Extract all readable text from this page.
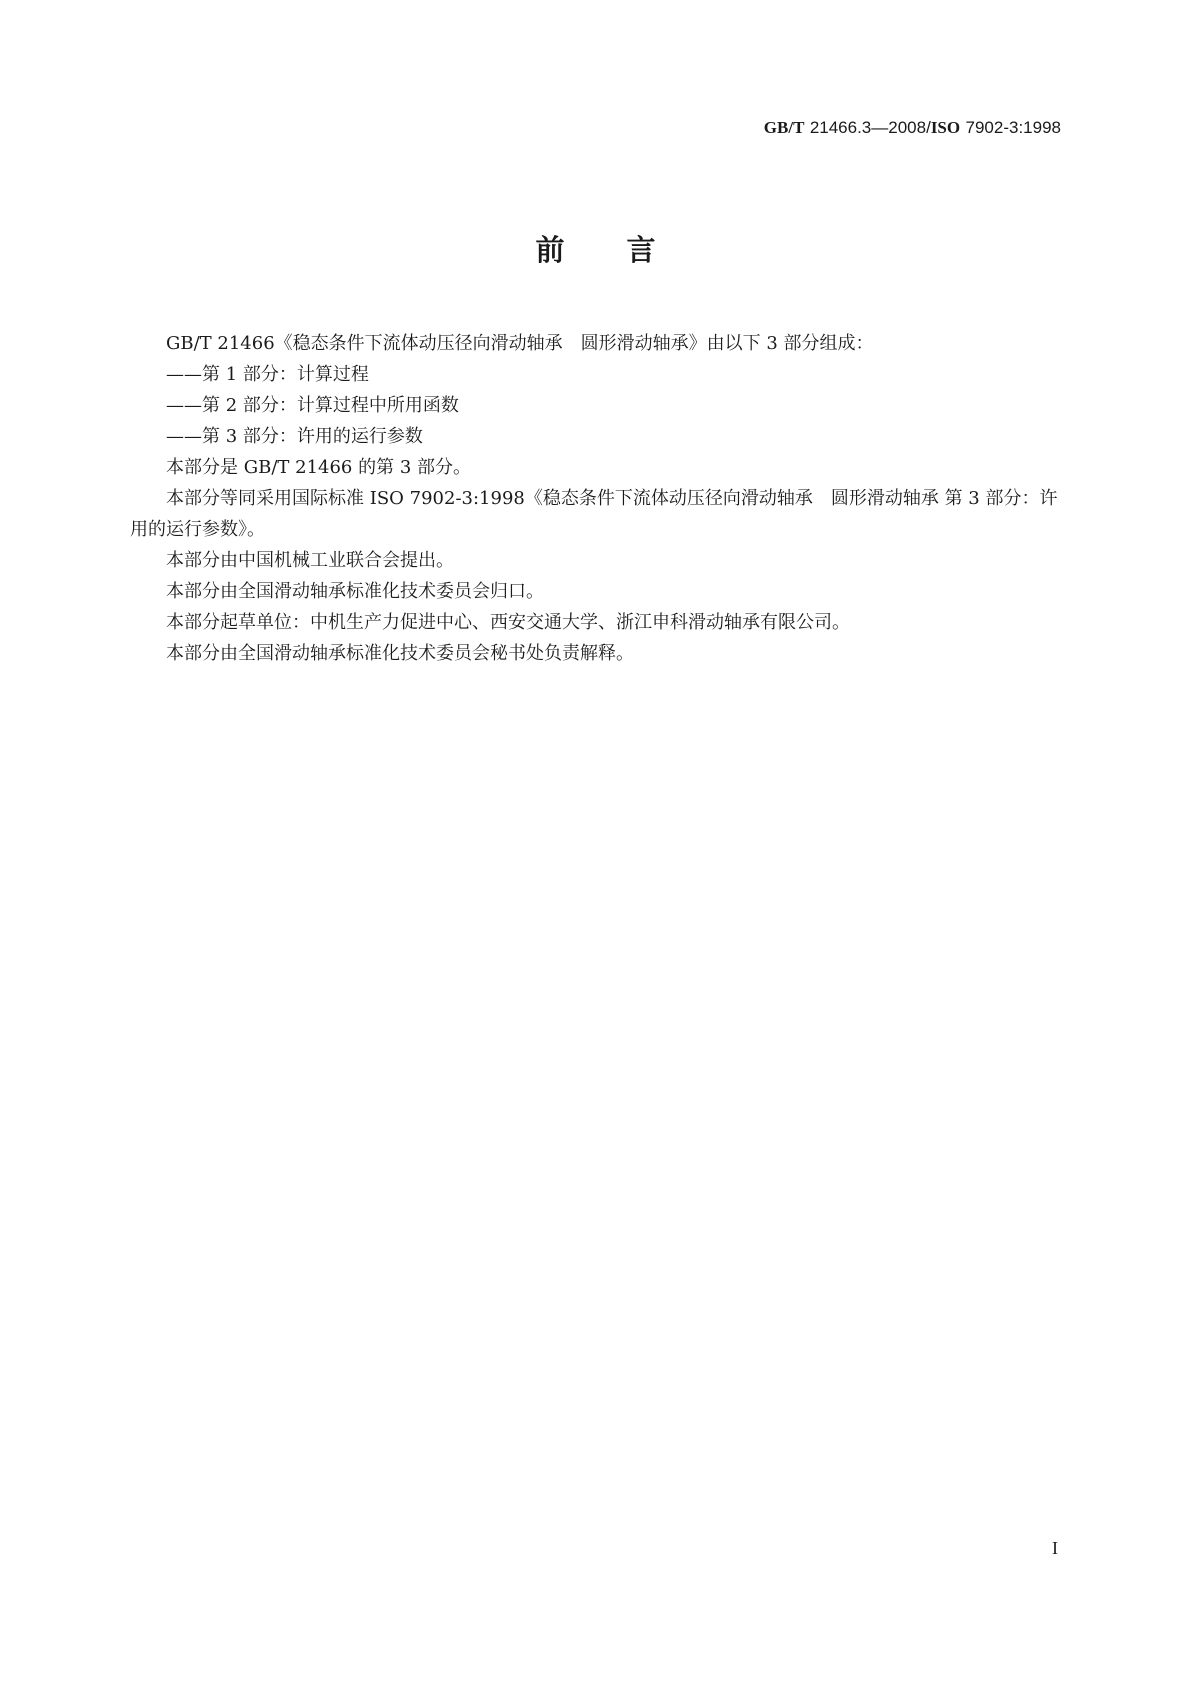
GB/T 21466.3—2008/ISO 7902-3:1998
前言

GB/T 21466《稳态条件下流体动压径向滑动轴承　圆形滑动轴承》由以下 3 部分组成：

——第 1 部分：计算过程

——第 2 部分：计算过程中所用函数

——第 3 部分：许用的运行参数

本部分是 GB/T 21466 的第 3 部分。

本部分等同采用国际标准 ISO 7902-3:1998《稳态条件下流体动压径向滑动轴承　圆形滑动轴承 第 3 部分：许用的运行参数》。

本部分由中国机械工业联合会提出。

本部分由全国滑动轴承标准化技术委员会归口。

本部分起草单位：中机生产力促进中心、西安交通大学、浙江申科滑动轴承有限公司。

本部分由全国滑动轴承标准化技术委员会秘书处负责解释。

I
